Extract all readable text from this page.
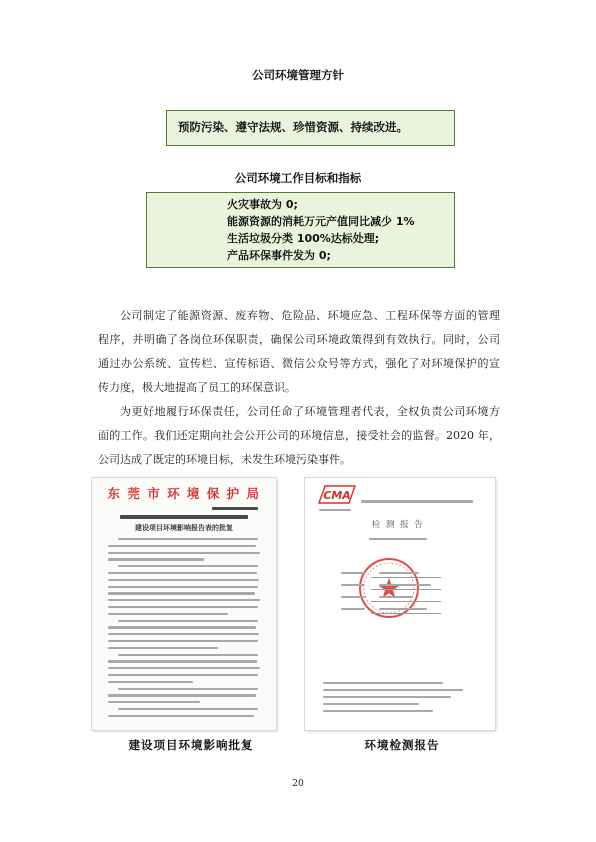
公司环境管理方针
预防污染、遵守法规、珍惜资源、持续改进。
公司环境工作目标和指标
火灾事故为 0;
能源资源的消耗万元产值同比减少 1%
生活垃圾分类 100%达标处理;
产品环保事件发为 0;
公司制定了能源资源、废弃物、危险品、环境应急、工程环保等方面的管理
程序，并明确了各岗位环保职责，确保公司环境政策得到有效执行。同时，公司
通过办公系统、宣传栏、宣传标语、微信公众号等方式，强化了对环境保护的宣
传力度，极大地提高了员工的环保意识。
为更好地履行环保责任，公司任命了环境管理者代表，全权负责公司环境方
面的工作。我们还定期向社会公开公司的环境信息，接受社会的监督。2020 年，
公司达成了既定的环境目标，未发生环境污染事件。
东 莞 市 环 境 保 护 局
建设项目环境影响报告表的批复
CMA
检 测 报 告
建设项目环境影响批复	环境检测报告
20
